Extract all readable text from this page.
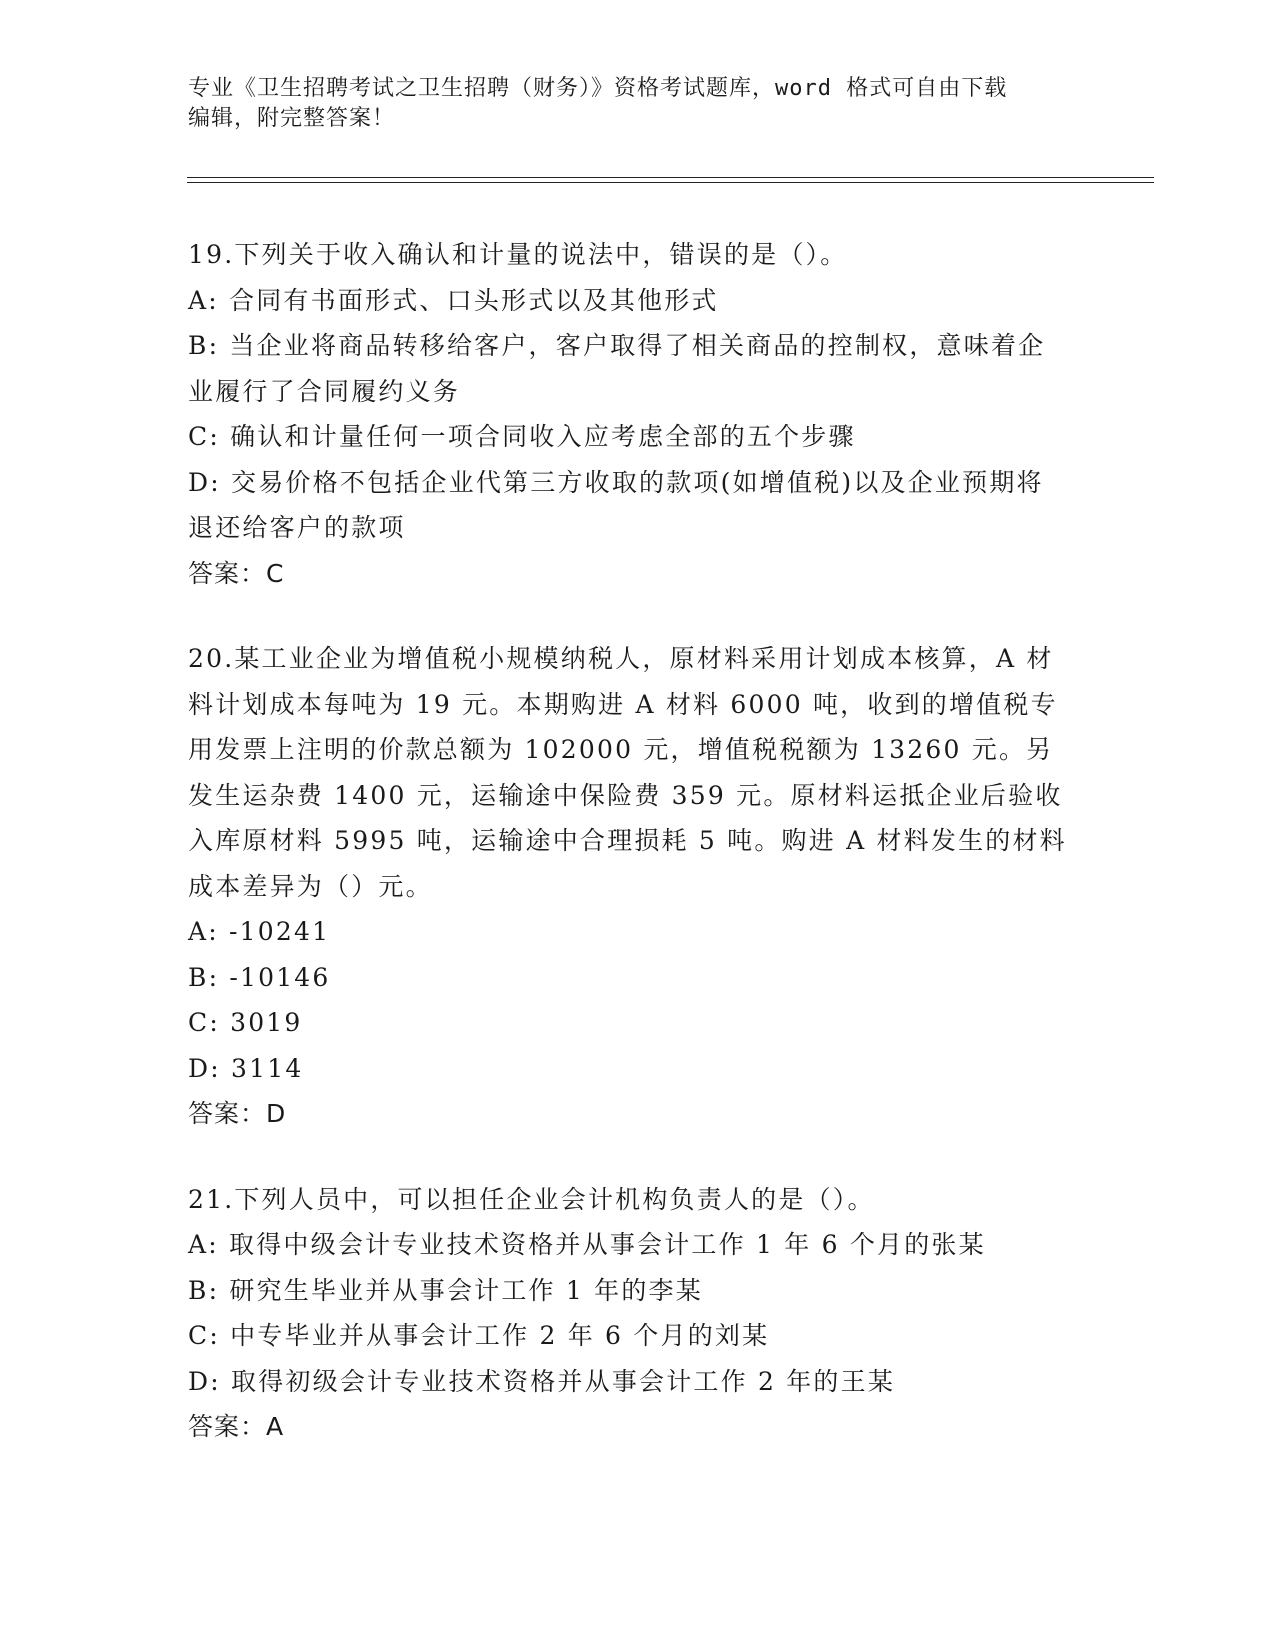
专业《卫生招聘考试之卫生招聘（财务）》资格考试题库，word 格式可自由下载
编辑，附完整答案！
19.下列关于收入确认和计量的说法中，错误的是（）。
A: 合同有书面形式、口头形式以及其他形式
B: 当企业将商品转移给客户，客户取得了相关商品的控制权，意味着企业履行了合同履约义务
C: 确认和计量任何一项合同收入应考虑全部的五个步骤
D: 交易价格不包括企业代第三方收取的款项(如增值税)以及企业预期将退还给客户的款项
答案：C
20.某工业企业为增值税小规模纳税人，原材料采用计划成本核算，A 材料计划成本每吨为 19 元。本期购进 A 材料 6000 吨，收到的增值税专用发票上注明的价款总额为 102000 元，增值税税额为 13260 元。另发生运杂费 1400 元，运输途中保险费 359 元。原材料运抵企业后验收入库原材料 5995 吨，运输途中合理损耗 5 吨。购进 A 材料发生的材料成本差异为（）元。
A: -10241
B: -10146
C: 3019
D: 3114
答案：D
21.下列人员中，可以担任企业会计机构负责人的是（）。
A: 取得中级会计专业技术资格并从事会计工作 1 年 6 个月的张某
B: 研究生毕业并从事会计工作 1 年的李某
C: 中专毕业并从事会计工作 2 年 6 个月的刘某
D: 取得初级会计专业技术资格并从事会计工作 2 年的王某
答案：A
